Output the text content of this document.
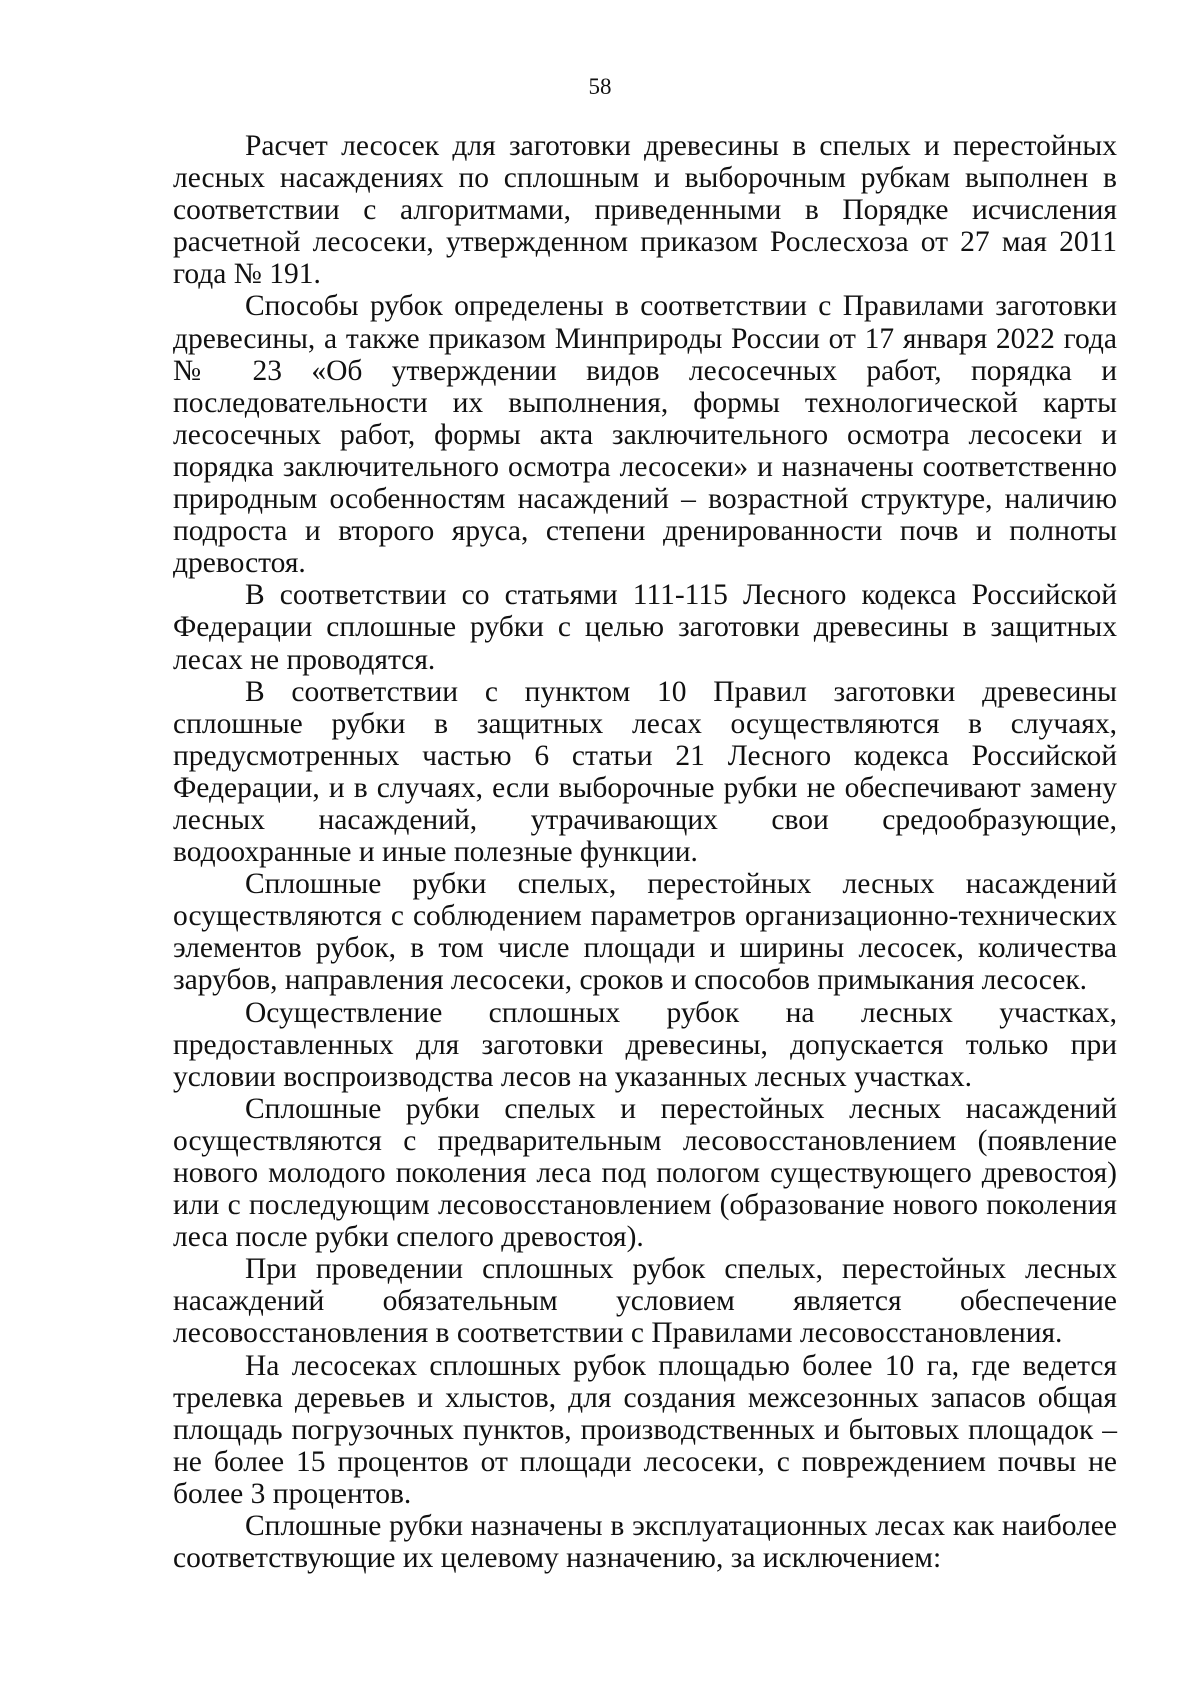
58

Расчет лесосек для заготовки древесины в спелых и перестойных лесных насаждениях по сплошным и выборочным рубкам выполнен в соответствии с алгоритмами, приведенными в Порядке исчисления расчетной лесосеки, утвержденном приказом Рослесхоза от 27 мая 2011 года № 191.

Способы рубок определены в соответствии с Правилами заготовки древесины, а также приказом Минприроды России от 17 января 2022 года № 23 «Об утверждении видов лесосечных работ, порядка и последовательности их выполнения, формы технологической карты лесосечных работ, формы акта заключительного осмотра лесосеки и порядка заключительного осмотра лесосеки» и назначены соответственно природным особенностям насаждений – возрастной структуре, наличию подроста и второго яруса, степени дренированности почв и полноты древостоя.

В соответствии со статьями 111-115 Лесного кодекса Российской Федерации сплошные рубки с целью заготовки древесины в защитных лесах не проводятся.

В соответствии с пунктом 10 Правил заготовки древесины сплошные рубки в защитных лесах осуществляются в случаях, предусмотренных частью 6 статьи 21 Лесного кодекса Российской Федерации, и в случаях, если выборочные рубки не обеспечивают замену лесных насаждений, утрачивающих свои средообразующие, водоохранные и иные полезные функции.

Сплошные рубки спелых, перестойных лесных насаждений осуществляются с соблюдением параметров организационно-технических элементов рубок, в том числе площади и ширины лесосек, количества зарубов, направления лесосеки, сроков и способов примыкания лесосек.

Осуществление сплошных рубок на лесных участках, предоставленных для заготовки древесины, допускается только при условии воспроизводства лесов на указанных лесных участках.

Сплошные рубки спелых и перестойных лесных насаждений осуществляются с предварительным лесовосстановлением (появление нового молодого поколения леса под пологом существующего древостоя) или с последующим лесовосстановлением (образование нового поколения леса после рубки спелого древостоя).

При проведении сплошных рубок спелых, перестойных лесных насаждений обязательным условием является обеспечение лесовосстановления в соответствии с Правилами лесовосстановления.

На лесосеках сплошных рубок площадью более 10 га, где ведется трелевка деревьев и хлыстов, для создания межсезонных запасов общая площадь погрузочных пунктов, производственных и бытовых площадок – не более 15 процентов от площади лесосеки, с повреждением почвы не более 3 процентов.

Сплошные рубки назначены в эксплуатационных лесах как наиболее соответствующие их целевому назначению, за исключением:
